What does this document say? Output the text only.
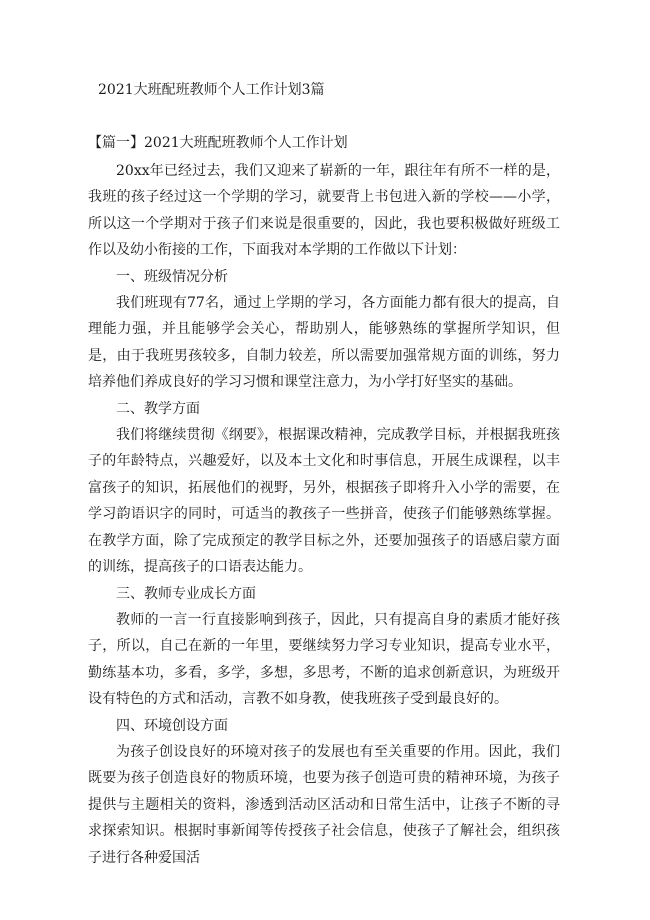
2021大班配班教师个人工作计划3篇
【篇一】2021大班配班教师个人工作计划

20xx年已经过去，我们又迎来了崭新的一年，跟往年有所不一样的是，我班的孩子经过这一个学期的学习，就要背上书包进入新的学校——小学，所以这一个学期对于孩子们来说是很重要的，因此，我也要积极做好班级工作以及幼小衔接的工作，下面我对本学期的工作做以下计划：

一、班级情况分析

我们班现有77名，通过上学期的学习，各方面能力都有很大的提高，自理能力强，并且能够学会关心，帮助别人，能够熟练的掌握所学知识，但是，由于我班男孩较多，自制力较差，所以需要加强常规方面的训练，努力培养他们养成良好的学习习惯和课堂注意力，为小学打好坚实的基础。

二、教学方面

我们将继续贯彻《纲要》，根据课改精神，完成教学目标，并根据我班孩子的年龄特点，兴趣爱好，以及本土文化和时事信息，开展生成课程，以丰富孩子的知识，拓展他们的视野，另外，根据孩子即将升入小学的需要，在学习韵语识字的同时，可适当的教孩子一些拼音，使孩子们能够熟练掌握。在教学方面，除了完成预定的教学目标之外，还要加强孩子的语感启蒙方面的训练，提高孩子的口语表达能力。

三、教师专业成长方面

教师的一言一行直接影响到孩子，因此，只有提高自身的素质才能好孩子，所以，自己在新的一年里，要继续努力学习专业知识，提高专业水平，勤练基本功，多看，多学，多想，多思考，不断的追求创新意识，为班级开设有特色的方式和活动，言教不如身教，使我班孩子受到最良好的。

四、环境创设方面

为孩子创设良好的环境对孩子的发展也有至关重要的作用。因此，我们既要为孩子创造良好的物质环境，也要为孩子创造可贵的精神环境，为孩子提供与主题相关的资料，渗透到活动区活动和日常生活中，让孩子不断的寻求探索知识。根据时事新闻等传授孩子社会信息，使孩子了解社会，组织孩子进行各种爱国活
